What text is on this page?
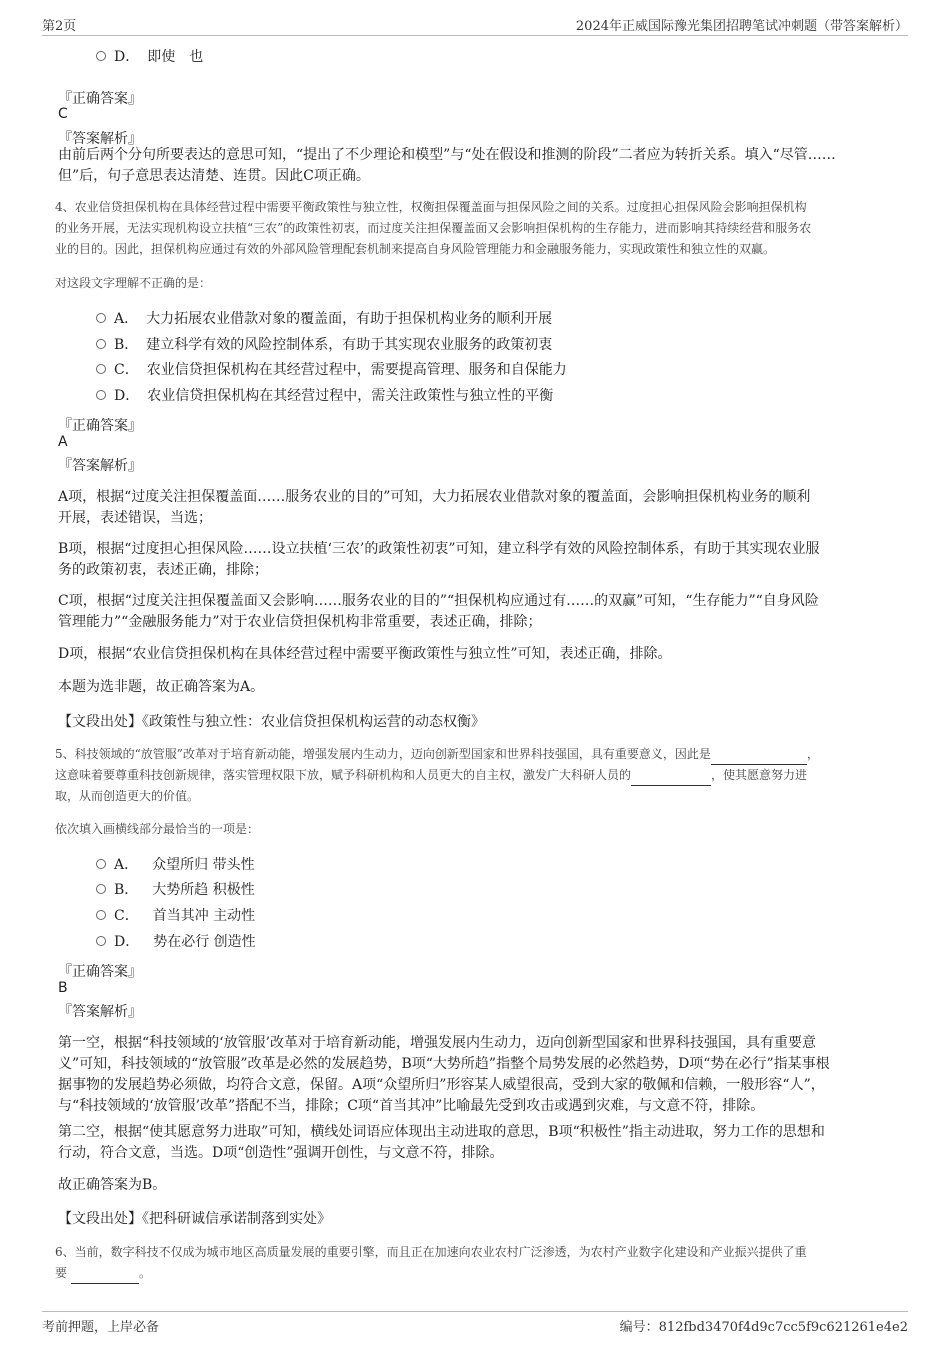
第2页	2024年正威国际豫光集团招聘笔试冲刺题（带答案解析）
D． 即使　也
『正确答案』
C
『答案解析』
由前后两个分句所要表达的意思可知，“提出了不少理论和模型”与“处在假设和推测的阶段”二者应为转折关系。填入“尽管……
但”后，句子意思表达清楚、连贯。因此C项正确。
4、农业信贷担保机构在具体经营过程中需要平衡政策性与独立性，权衡担保覆盖面与担保风险之间的关系。过度担心担保风险会影响担保机构
的业务开展，无法实现机构设立扶植“三农”的政策性初衷，而过度关注担保覆盖面又会影响担保机构的生存能力，进而影响其持续经营和服务农
业的目的。因此，担保机构应通过有效的外部风险管理配套机制来提高自身风险管理能力和金融服务能力，实现政策性和独立性的双赢。
对这段文字理解不正确的是：
A． 大力拓展农业借款对象的覆盖面，有助于担保机构业务的顺利开展
B． 建立科学有效的风险控制体系，有助于其实现农业服务的政策初衷
C． 农业信贷担保机构在其经营过程中，需要提高管理、服务和自保能力
D． 农业信贷担保机构在其经营过程中，需关注政策性与独立性的平衡
『正确答案』
A
『答案解析』
A项，根据“过度关注担保覆盖面……服务农业的目的”可知，大力拓展农业借款对象的覆盖面，会影响担保机构业务的顺利
开展，表述错误，当选；
B项，根据“过度担心担保风险……设立扶植‘三农’的政策性初衷”可知，建立科学有效的风险控制体系，有助于其实现农业服
务的政策初衷，表述正确，排除；
C项，根据“过度关注担保覆盖面又会影响……服务农业的目的”“担保机构应通过有……的双赢”可知，“生存能力”“自身风险
管理能力”“金融服务能力”对于农业信贷担保机构非常重要，表述正确，排除；
D项，根据“农业信贷担保机构在具体经营过程中需要平衡政策性与独立性”可知，表述正确，排除。
本题为选非题，故正确答案为A。
【文段出处】《政策性与独立性：农业信贷担保机构运营的动态权衡》
5、科技领域的“放管服”改革对于培育新动能，增强发展内生动力，迈向创新型国家和世界科技强国，具有重要意义，因此是	，
这意味着要尊重科技创新规律，落实管理权限下放，赋予科研机构和人员更大的自主权，激发广大科研人员的	，使其愿意努力进
取，从而创造更大的价值。
依次填入画横线部分最恰当的一项是：
A． 众望所归 带头性
B． 大势所趋 积极性
C． 首当其冲 主动性
D． 势在必行 创造性
『正确答案』
B
『答案解析』
第一空，根据“科技领域的‘放管服’改革对于培育新动能，增强发展内生动力，迈向创新型国家和世界科技强国，具有重要意
义”可知，科技领域的“放管服”改革是必然的发展趋势，B项“大势所趋”指整个局势发展的必然趋势，D项“势在必行”指某事根
据事物的发展趋势必须做，均符合文意，保留。A项“众望所归”形容某人威望很高，受到大家的敬佩和信赖，一般形容“人”，
与“科技领域的‘放管服’改革”搭配不当，排除；C项“首当其冲”比喻最先受到攻击或遇到灾难，与文意不符，排除。
第二空，根据“使其愿意努力进取”可知，横线处词语应体现出主动进取的意思，B项“积极性”指主动进取，努力工作的思想和
行动，符合文意，当选。D项“创造性”强调开创性，与文意不符，排除。
故正确答案为B。
【文段出处】《把科研诚信承诺制落到实处》
6、当前，数字科技不仅成为城市地区高质量发展的重要引擎，而且正在加速向农业农村广泛渗透，为农村产业数字化建设和产业振兴提供了重
要	。
考前押题，上岸必备	编号：812fbd3470f4d9c7cc5f9c621261e4e2
